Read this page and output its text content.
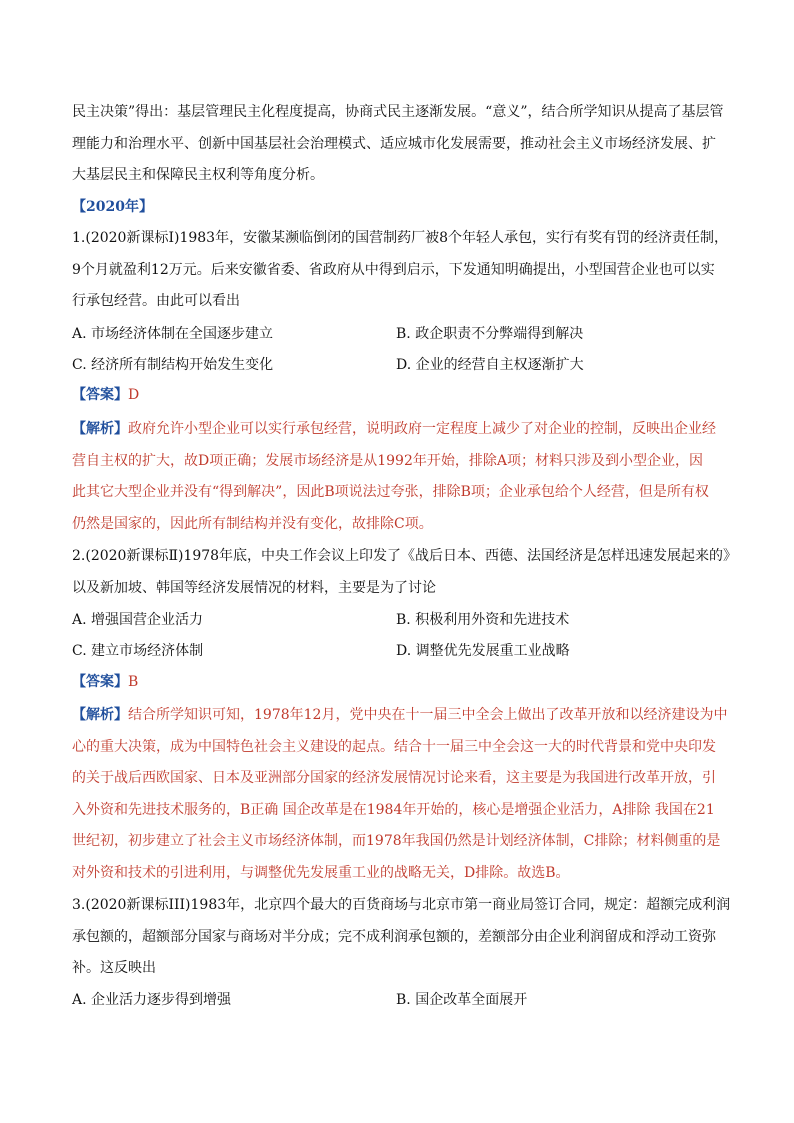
民主决策”得出：基层管理民主化程度提高，协商式民主逐渐发展。“意义”，结合所学知识从提高了基层管
理能力和治理水平、创新中国基层社会治理模式、适应城市化发展需要，推动社会主义市场经济发展、扩
大基层民主和保障民主权利等角度分析。
【2020年】
1.(2020新课标I)1983年，安徽某濒临倒闭的国营制药厂被8个年轻人承包，实行有奖有罚的经济责任制，
9个月就盈利12万元。后来安徽省委、省政府从中得到启示，下发通知明确提出，小型国营企业也可以实
行承包经营。由此可以看出
A. 市场经济体制在全国逐步建立	B. 政企职责不分弊端得到解决
C. 经济所有制结构开始发生变化	D. 企业的经营自主权逐渐扩大
【答案】D
【解析】政府允许小型企业可以实行承包经营，说明政府一定程度上减少了对企业的控制，反映出企业经
营自主权的扩大，故D项正确；发展市场经济是从1992年开始，排除A项；材料只涉及到小型企业，因
此其它大型企业并没有“得到解决”，因此B项说法过夸张，排除B项；企业承包给个人经营，但是所有权
仍然是国家的，因此所有制结构并没有变化，故排除C项。
2.(2020新课标Ⅱ)1978年底，中央工作会议上印发了《战后日本、西德、法国经济是怎样迅速发展起来的》
以及新加坡、韩国等经济发展情况的材料，主要是为了讨论
A. 增强国营企业活力	B. 积极利用外资和先进技术
C. 建立市场经济体制	D. 调整优先发展重工业战略
【答案】B
【解析】结合所学知识可知，1978年12月，党中央在十一届三中全会上做出了改革开放和以经济建设为中
心的重大决策，成为中国特色社会主义建设的起点。结合十一届三中全会这一大的时代背景和党中央印发
的关于战后西欧国家、日本及亚洲部分国家的经济发展情况讨论来看，这主要是为我国进行改革开放，引
入外资和先进技术服务的，B正确 国企改革是在1984年开始的，核心是增强企业活力，A排除 我国在21
世纪初，初步建立了社会主义市场经济体制，而1978年我国仍然是计划经济体制，C排除；材料侧重的是
对外资和技术的引进利用，与调整优先发展重工业的战略无关，D排除。故选B。
3.(2020新课标III)1983年，北京四个最大的百货商场与北京市第一商业局签订合同，规定：超额完成利润
承包额的，超额部分国家与商场对半分成；完不成利润承包额的，差额部分由企业利润留成和浮动工资弥
补。这反映出
A. 企业活力逐步得到增强	B. 国企改革全面展开
